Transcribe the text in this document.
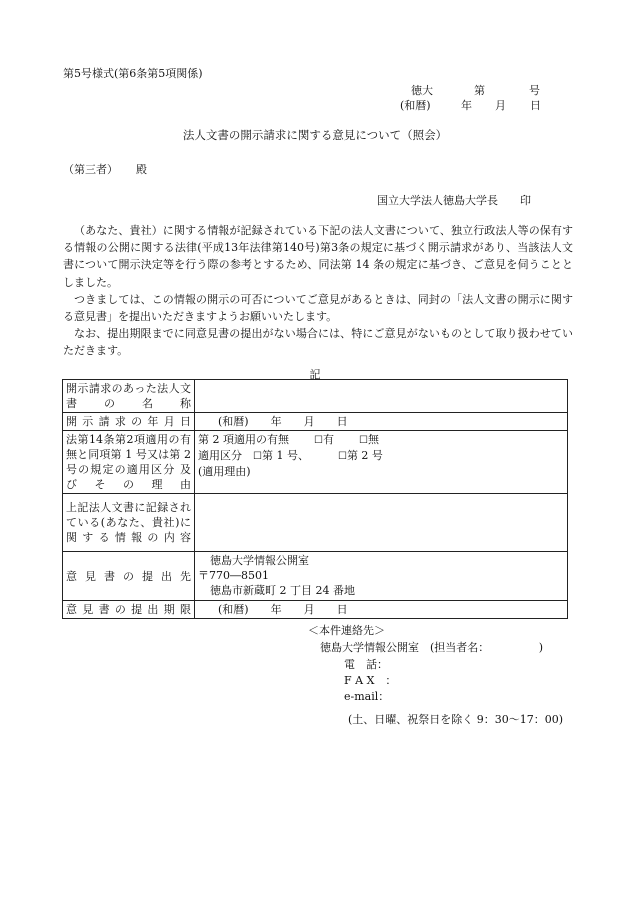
第5号様式(第6条第5項関係)
徳大	第	号
(和暦)	年 月 日
法人文書の開示請求に関する意見について（照会）
（第三者） 殿
国立大学法人徳島大学長 印

（あなた、貴社）に関する情報が記録されている下記の法人文書について、独立行政法人等の保有する情報の公開に関する法律(平成13年法律第140号)第3条の規定に基づく開示請求があり、当該法人文書について開示決定等を行う際の参考とするため、同法第 14 条の規定に基づき、ご意見を伺うこととしました。

つきましては、この情報の開示の可否についてご意見があるときは、同封の「法人文書の開示に関する意見書」を提出いただきますようお願いいたします。

なお、提出期限までに同意見書の提出がない場合には、特にご意見がないものとして取り扱わせていただきます。

記
開示請求のあった法人文書の名称	
開示請求の年月日	(和暦)　　年　　月　　日
法第14条第2項適用の有無と同項第 1 号又は第 2 号の規定の適用区分 及 び そ の 理 由	第 2 項適用の有無 ☐有 ☐無
適用区分 ☐第 1 号、 ☐第 2 号
(適用理由)

上記法人文書に記録されている(あなた、貴社)に関する情報の内容	
意見書の提出先	徳島大学情報公開室
〒770―8501
徳島市新蔵町 2 丁目 24 番地

意見書の提出期限	(和暦)　　年　　月　　日
＜本件連絡先＞
徳島大学情報公開室　(担当者名：　　　　　)
電　話：
F A X　：
e-mail：
(土、日曜、祝祭日を除く 9：30～17：00)
